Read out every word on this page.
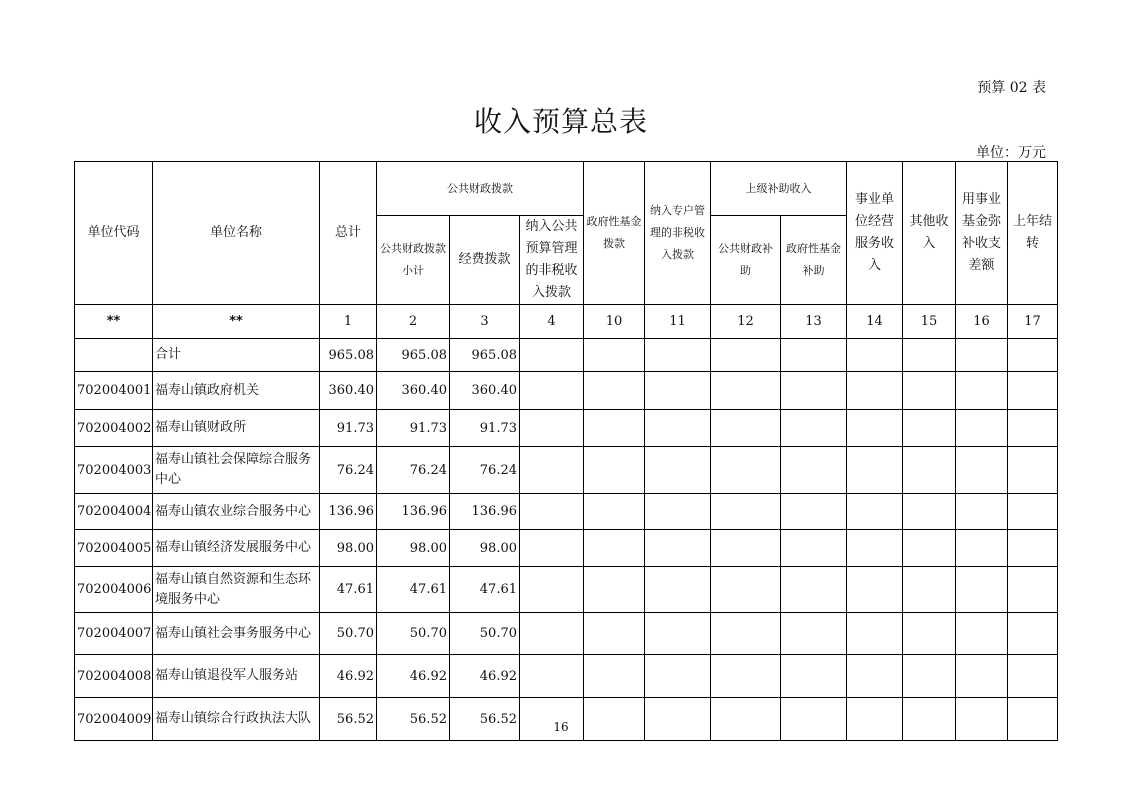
预算 02 表
收入预算总表
单位：万元
单位代码	单位名称	总计	公共财政拨款			政府性基金拨款	纳入专户管理的非税收入拨款	上级补助收入		事业单位经营服务收入	其他收入	用事业基金弥补收支差额	上年结转
			公共财政拨款小计	经费拨款	纳入公共预算管理的非税收入拨款			公共财政补助	政府性基金补助				
**	**	1	2	3	4	10	11	12	13	14	15	16	17
	合计	965.08	965.08	965.08									
702004001	福寿山镇政府机关	360.40	360.40	360.40									
702004002	福寿山镇财政所	91.73	91.73	91.73									
702004003	福寿山镇社会保障综合服务中心	76.24	76.24	76.24									
702004004	福寿山镇农业综合服务中心	136.96	136.96	136.96									
702004005	福寿山镇经济发展服务中心	98.00	98.00	98.00									
702004006	福寿山镇自然资源和生态环境服务中心	47.61	47.61	47.61									
702004007	福寿山镇社会事务服务中心	50.70	50.70	50.70									
702004008	福寿山镇退役军人服务站	46.92	46.92	46.92									
702004009	福寿山镇综合行政执法大队	56.52	56.52	56.52									
16
